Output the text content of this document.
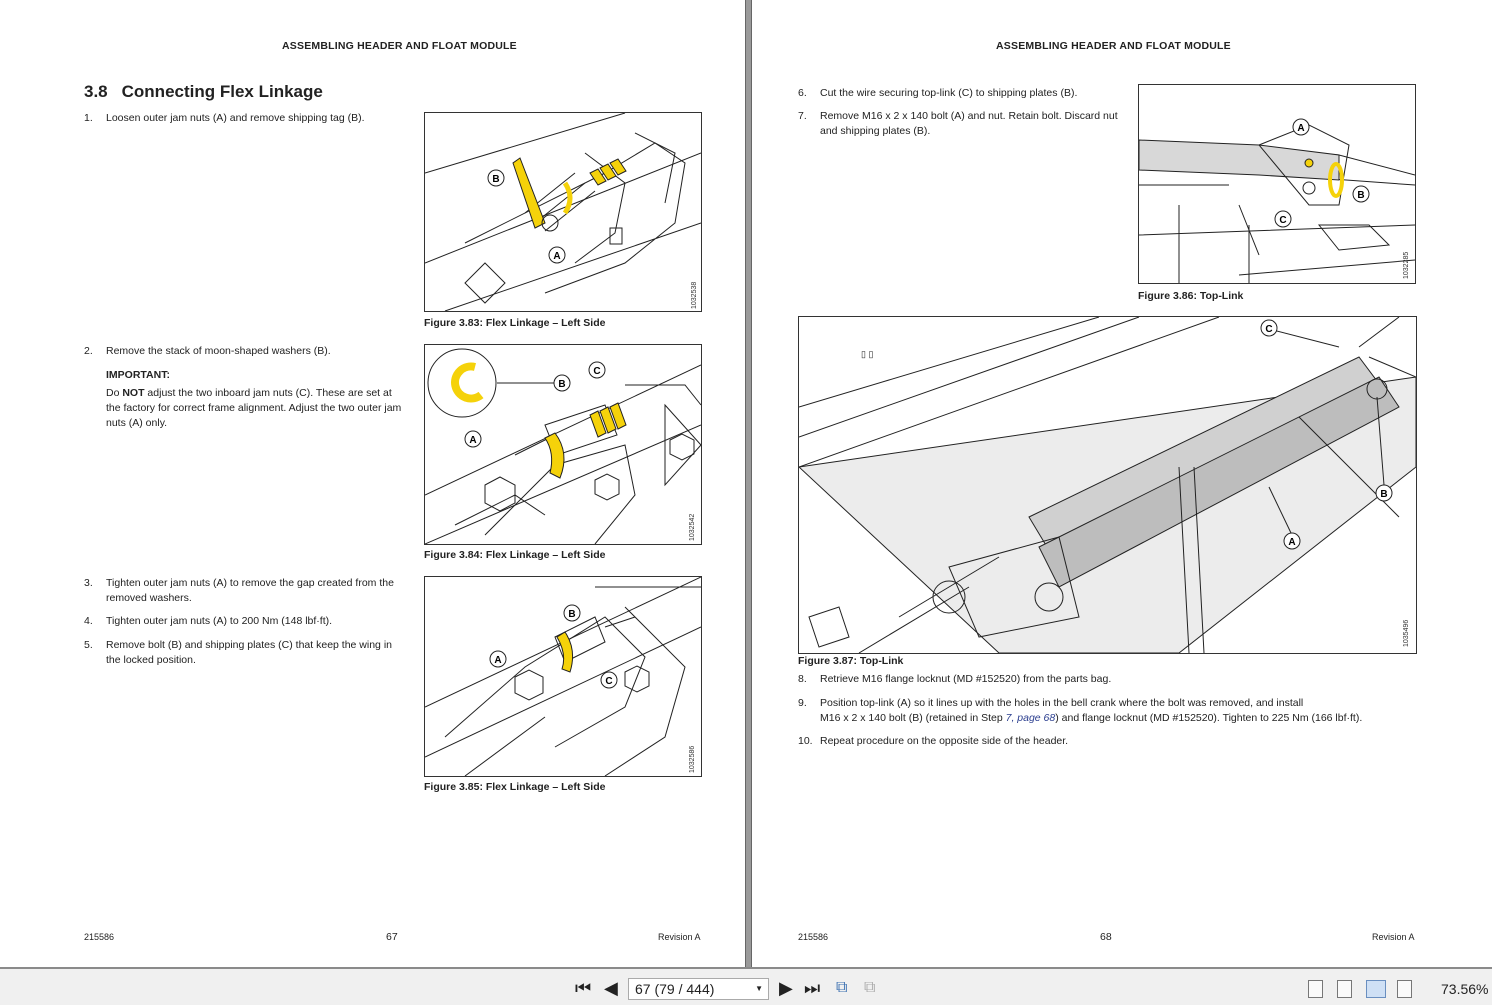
ASSEMBLING HEADER AND FLOAT MODULE
3.8 Connecting Flex Linkage
1. Loosen outer jam nuts (A) and remove shipping tag (B).
2. Remove the stack of moon-shaped washers (B).
IMPORTANT:
Do NOT adjust the two inboard jam nuts (C). These are set at the factory for correct frame alignment. Adjust the two outer jam nuts (A) only.
3. Tighten outer jam nuts (A) to remove the gap created from the removed washers.
4. Tighten outer jam nuts (A) to 200 Nm (148 lbf·ft).
5. Remove bolt (B) and shipping plates (C) that keep the wing in the locked position.
B
A
1032538
Figure 3.83: Flex Linkage – Left Side
B
C
A
1032542
Figure 3.84: Flex Linkage – Left Side
B
A
C
1032586
Figure 3.85: Flex Linkage – Left Side
215586	67	Revision A
ASSEMBLING HEADER AND FLOAT MODULE
6. Cut the wire securing top-link (C) to shipping plates (B).
7. Remove M16 x 2 x 140 bolt (A) and nut. Retain bolt. Discard nut and shipping plates (B).	A
B
C
1032285
Figure 3.86: Top-Link
▯ ▯
C
B
A
1035496
Figure 3.87: Top-Link
8. Retrieve M16 flange locknut (MD #152520) from the parts bag.
9. Position top-link (A) so it lines up with the holes in the bell crank where the bolt was removed, and install
M16 x 2 x 140 bolt (B) (retained in Step 7, page 68) and flange locknut (MD #152520). Tighten to 225 Nm (166 lbf·ft).
10. Repeat procedure on the opposite side of the header.
215586	68	Revision A
⏮ ◀	67 (79 / 444)	▼ ▶ ⏭ ⧉ ⧉	73.56%
